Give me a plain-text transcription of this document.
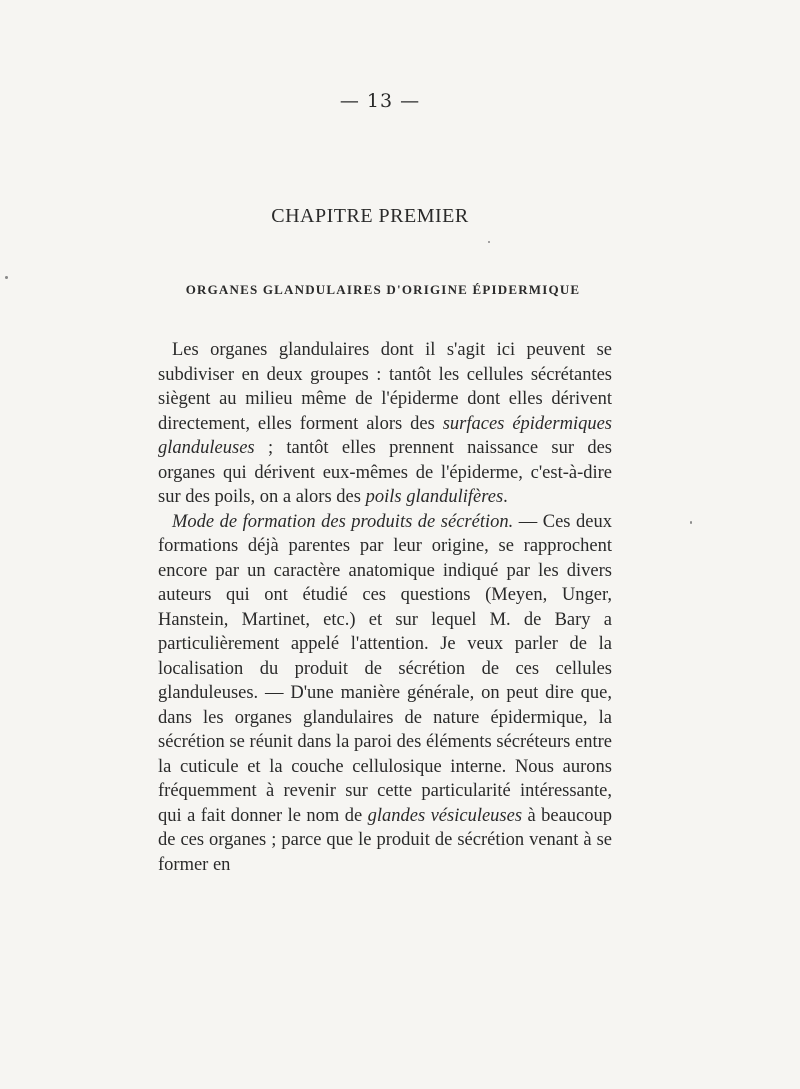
— 13 —
CHAPITRE PREMIER
ORGANES GLANDULAIRES D'ORIGINE ÉPIDERMIQUE

Les organes glandulaires dont il s'agit ici peuvent se subdiviser en deux groupes : tantôt les cellules sécrétantes siègent au milieu même de l'épiderme dont elles dérivent directement, elles forment alors des surfaces épidermiques glanduleuses ; tantôt elles prennent naissance sur des organes qui dérivent eux-mêmes de l'épiderme, c'est-à-dire sur des poils, on a alors des poils glandulifères.

Mode de formation des produits de sécrétion. — Ces deux formations déjà parentes par leur origine, se rapprochent encore par un caractère anatomique indiqué par les divers auteurs qui ont étudié ces questions (Meyen, Unger, Hanstein, Martinet, etc.) et sur lequel M. de Bary a particulièrement appelé l'attention. Je veux parler de la localisation du produit de sécrétion de ces cellules glanduleuses. — D'une manière générale, on peut dire que, dans les organes glandulaires de nature épidermique, la sécrétion se réunit dans la paroi des éléments sécréteurs entre la cuticule et la couche cellulosique interne. Nous aurons fréquemment à revenir sur cette particularité intéressante, qui a fait donner le nom de glandes vésiculeuses à beaucoup de ces organes ; parce que le produit de sécrétion venant à se former en
